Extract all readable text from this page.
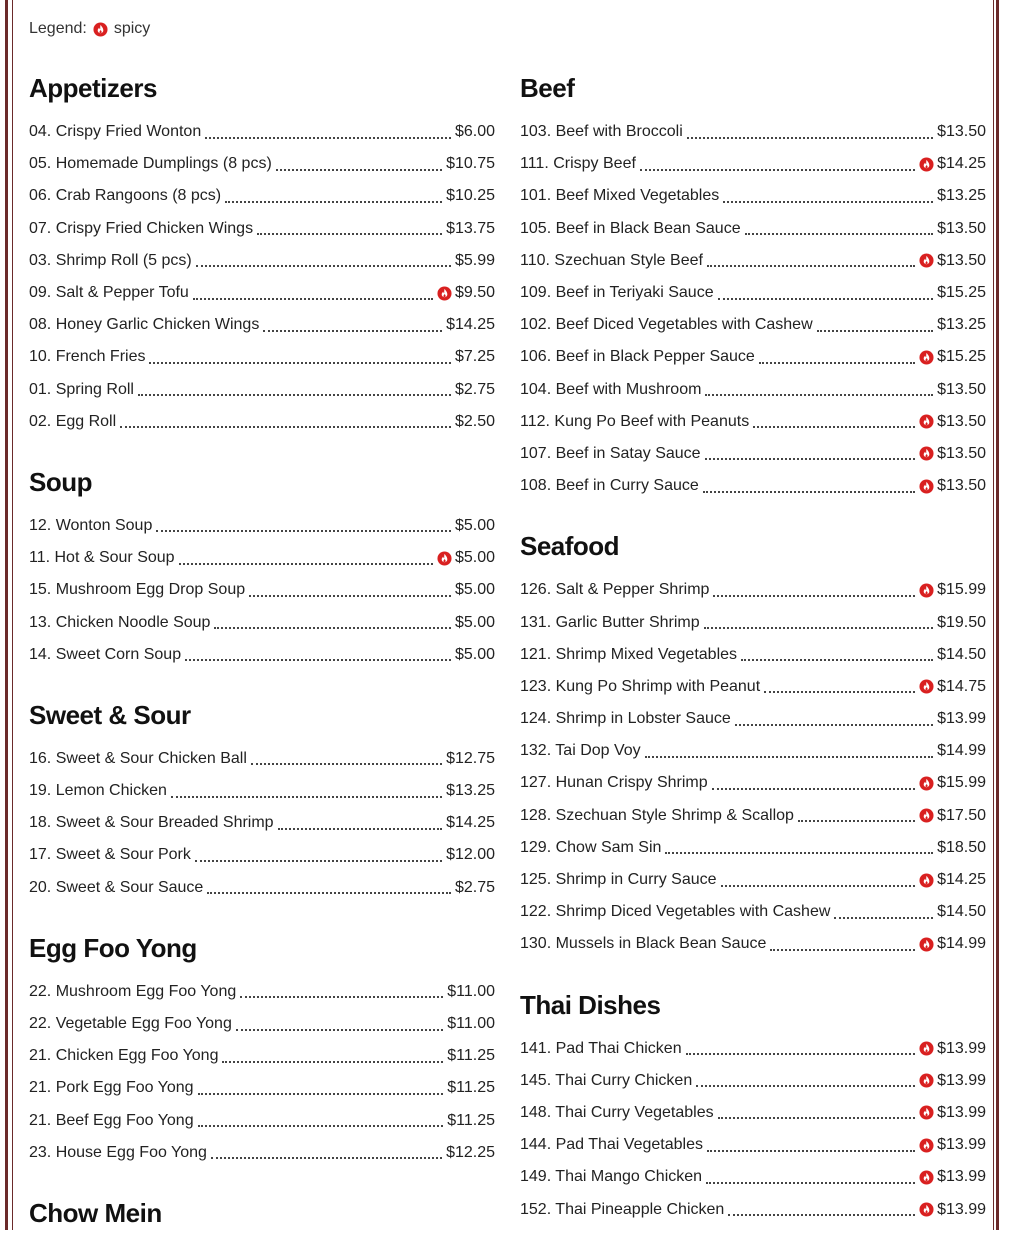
Legend: spicy
Appetizers
04. Crispy Fried Wonton	$6.00
05. Homemade Dumplings (8 pcs)	$10.75
06. Crab Rangoons (8 pcs)	$10.25
07. Crispy Fried Chicken Wings	$13.75
03. Shrimp Roll (5 pcs)	$5.99
09. Salt & Pepper Tofu	$9.50
08. Honey Garlic Chicken Wings	$14.25
10. French Fries	$7.25
01. Spring Roll	$2.75
02. Egg Roll	$2.50
Soup
12. Wonton Soup	$5.00
11. Hot & Sour Soup	$5.00
15. Mushroom Egg Drop Soup	$5.00
13. Chicken Noodle Soup	$5.00
14. Sweet Corn Soup	$5.00
Sweet & Sour
16. Sweet & Sour Chicken Ball	$12.75
19. Lemon Chicken	$13.25
18. Sweet & Sour Breaded Shrimp	$14.25
17. Sweet & Sour Pork	$12.00
20. Sweet & Sour Sauce	$2.75
Egg Foo Yong
22. Mushroom Egg Foo Yong	$11.00
22. Vegetable Egg Foo Yong	$11.00
21. Chicken Egg Foo Yong	$11.25
21. Pork Egg Foo Yong	$11.25
21. Beef Egg Foo Yong	$11.25
23. House Egg Foo Yong	$12.25
Chow Mein
Beef
103. Beef with Broccoli	$13.50
111. Crispy Beef	$14.25
101. Beef Mixed Vegetables	$13.25
105. Beef in Black Bean Sauce	$13.50
110. Szechuan Style Beef	$13.50
109. Beef in Teriyaki Sauce	$15.25
102. Beef Diced Vegetables with Cashew	$13.25
106. Beef in Black Pepper Sauce	$15.25
104. Beef with Mushroom	$13.50
112. Kung Po Beef with Peanuts	$13.50
107. Beef in Satay Sauce	$13.50
108. Beef in Curry Sauce	$13.50
Seafood
126. Salt & Pepper Shrimp	$15.99
131. Garlic Butter Shrimp	$19.50
121. Shrimp Mixed Vegetables	$14.50
123. Kung Po Shrimp with Peanut	$14.75
124. Shrimp in Lobster Sauce	$13.99
132. Tai Dop Voy	$14.99
127. Hunan Crispy Shrimp	$15.99
128. Szechuan Style Shrimp & Scallop	$17.50
129. Chow Sam Sin	$18.50
125. Shrimp in Curry Sauce	$14.25
122. Shrimp Diced Vegetables with Cashew	$14.50
130. Mussels in Black Bean Sauce	$14.99
Thai Dishes
141. Pad Thai Chicken	$13.99
145. Thai Curry Chicken	$13.99
148. Thai Curry Vegetables	$13.99
144. Pad Thai Vegetables	$13.99
149. Thai Mango Chicken	$13.99
152. Thai Pineapple Chicken	$13.99
